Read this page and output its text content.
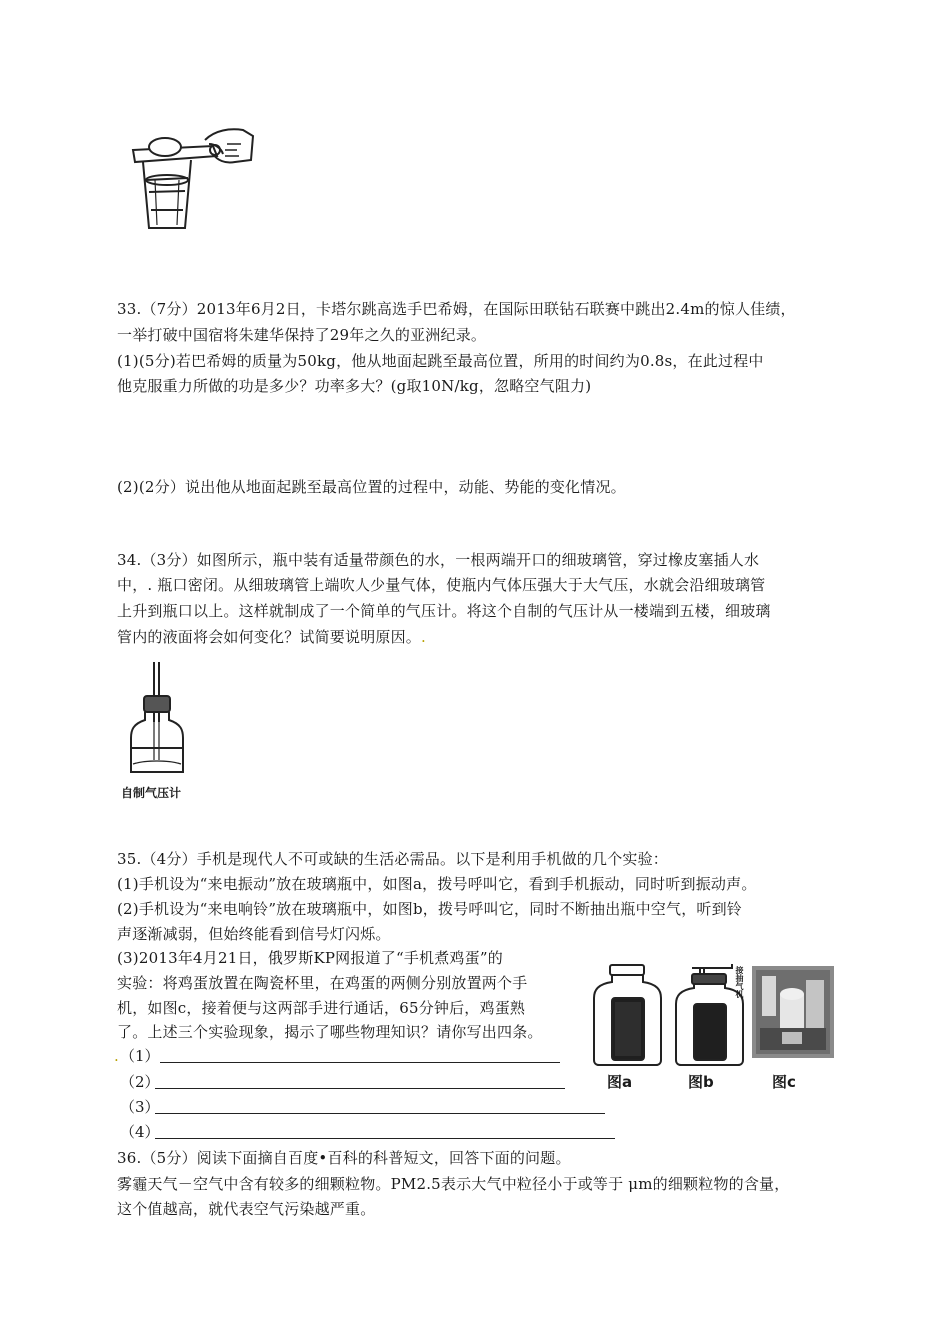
33.（7分）2013年6月2日，卡塔尔跳高选手巴希姆，在国际田联钻石联赛中跳出2.4m的惊人佳绩，
一举打破中国宿将朱建华保持了29年之久的亚洲纪录。
(1)(5分)若巴希姆的质量为50kg，他从地面起跳至最高位置，所用的时间约为0.8s，在此过程中
他克服重力所做的功是多少？功率多大？(g取10N/kg，忽略空气阻力)
(2)(2分）说出他从地面起跳至最高位置的过程中，动能、势能的变化情况。
34.（3分）如图所示，瓶中装有适量带颜色的水，一根两端开口的细玻璃管，穿过橡皮塞插人水
中，. 瓶口密闭。从细玻璃管上端吹人少量气体，使瓶内气体压强大于大气压，水就会沿细玻璃管
上升到瓶口以上。这样就制成了一个简单的气压计。将这个自制的气压计从一楼端到五楼，细玻璃
管内的液面将会如何变化？试简要说明原因。.
自制气压计
35.（4分）手机是现代人不可或缺的生活必需品。以下是利用手机做的几个实验：
(1)手机设为“来电振动”放在玻璃瓶中，如图a，拨号呼叫它，看到手机振动，同时听到振动声。
(2)手机设为“来电响铃”放在玻璃瓶中，如图b，拨号呼叫它，同时不断抽出瓶中空气，听到铃
声逐渐减弱，但始终能看到信号灯闪烁。
(3)2013年4月21日，俄罗斯KP网报道了“手机煮鸡蛋”的
实验：将鸡蛋放置在陶瓷杯里，在鸡蛋的两侧分别放置两个手
机，如图c，接着便与这两部手进行通话，65分钟后，鸡蛋熟
了。上述三个实验现象，揭示了哪些物理知识？请你写出四条。
. （1）
（2）
（3）
（4）
图a
接抽气机
图b	图c
36.（5分）阅读下面摘自百度•百科的科普短文，回答下面的问题。
雾霾天气－空气中含有较多的细颗粒物。PM2.5表示大气中粒径小于或等于 μm的细颗粒物的含量，
这个值越高，就代表空气污染越严重。
